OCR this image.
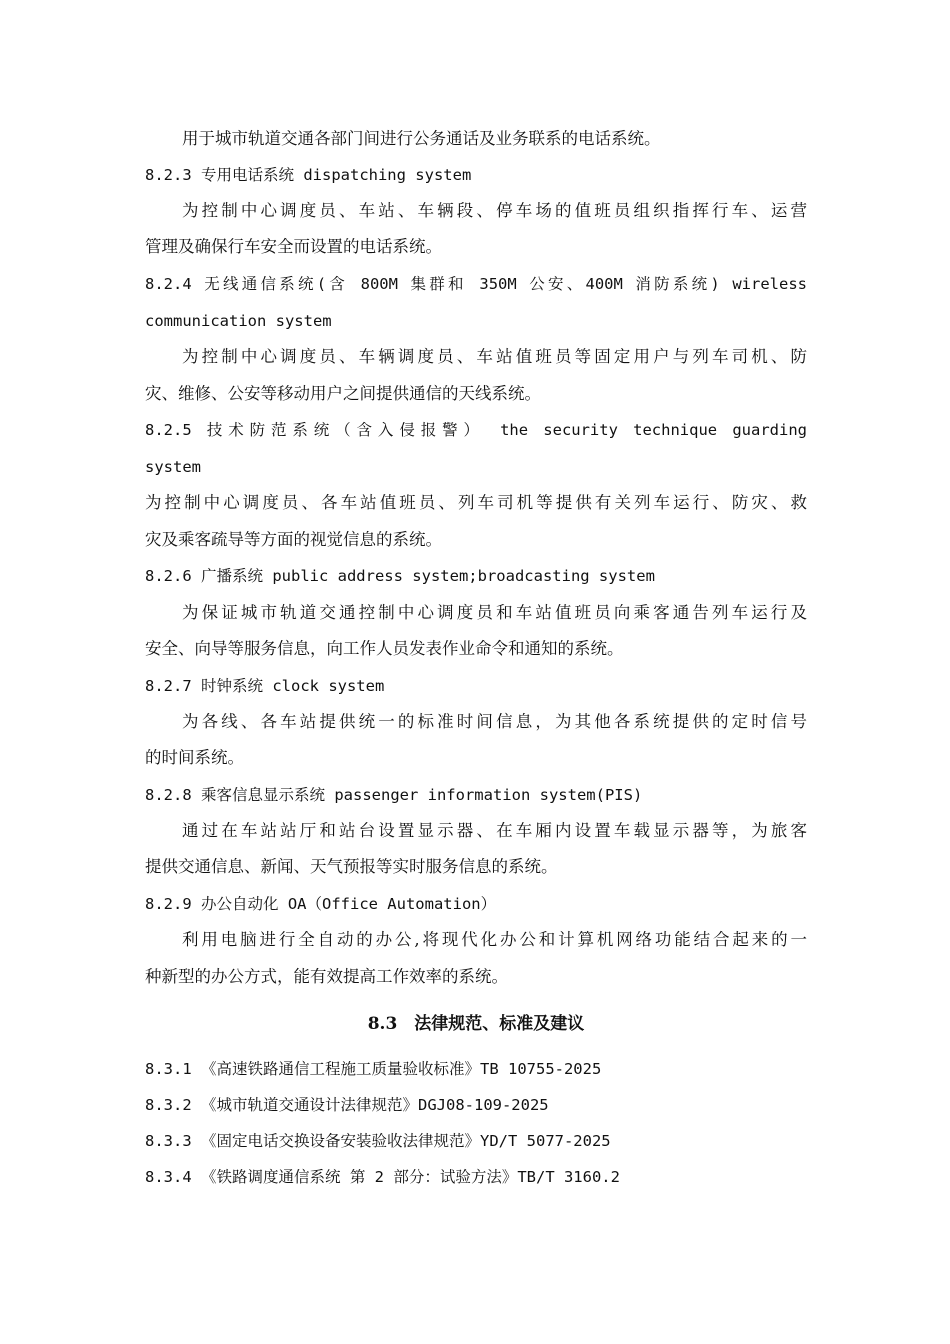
用于城市轨道交通各部门间进行公务通话及业务联系的电话系统。
8.2.3 专用电话系统 dispatching system
为控制中心调度员、车站、车辆段、停车场的值班员组织指挥行车、运营
管理及确保行车安全而设置的电话系统。
8.2.4 无线通信系统(含 800M 集群和 350M 公安、400M 消防系统) wireless
communication system
为控制中心调度员、车辆调度员、车站值班员等固定用户与列车司机、防
灾、维修、公安等移动用户之间提供通信的天线系统。
8.2.5 技术防范系统（含入侵报警） the security technique guarding
system
为控制中心调度员、各车站值班员、列车司机等提供有关列车运行、防灾、救
灾及乘客疏导等方面的视觉信息的系统。
8.2.6 广播系统 public address system;broadcasting system
为保证城市轨道交通控制中心调度员和车站值班员向乘客通告列车运行及
安全、向导等服务信息，向工作人员发表作业命令和通知的系统。
8.2.7 时钟系统 clock system
为各线、各车站提供统一的标准时间信息，为其他各系统提供的定时信号
的时间系统。
8.2.8 乘客信息显示系统 passenger information system(PIS)
通过在车站站厅和站台设置显示器、在车厢内设置车载显示器等，为旅客
提供交通信息、新闻、天气预报等实时服务信息的系统。
8.2.9 办公自动化 OA（Office Automation）
利用电脑进行全自动的办公,将现代化办公和计算机网络功能结合起来的一
种新型的办公方式，能有效提高工作效率的系统。
8.3　法律规范、标准及建议
8.3.1 《高速铁路通信工程施工质量验收标准》TB 10755-2025
8.3.2 《城市轨道交通设计法律规范》DGJ08-109-2025
8.3.3 《固定电话交换设备安装验收法律规范》YD/T 5077-2025
8.3.4 《铁路调度通信系统 第 2 部分：试验方法》TB/T 3160.2
